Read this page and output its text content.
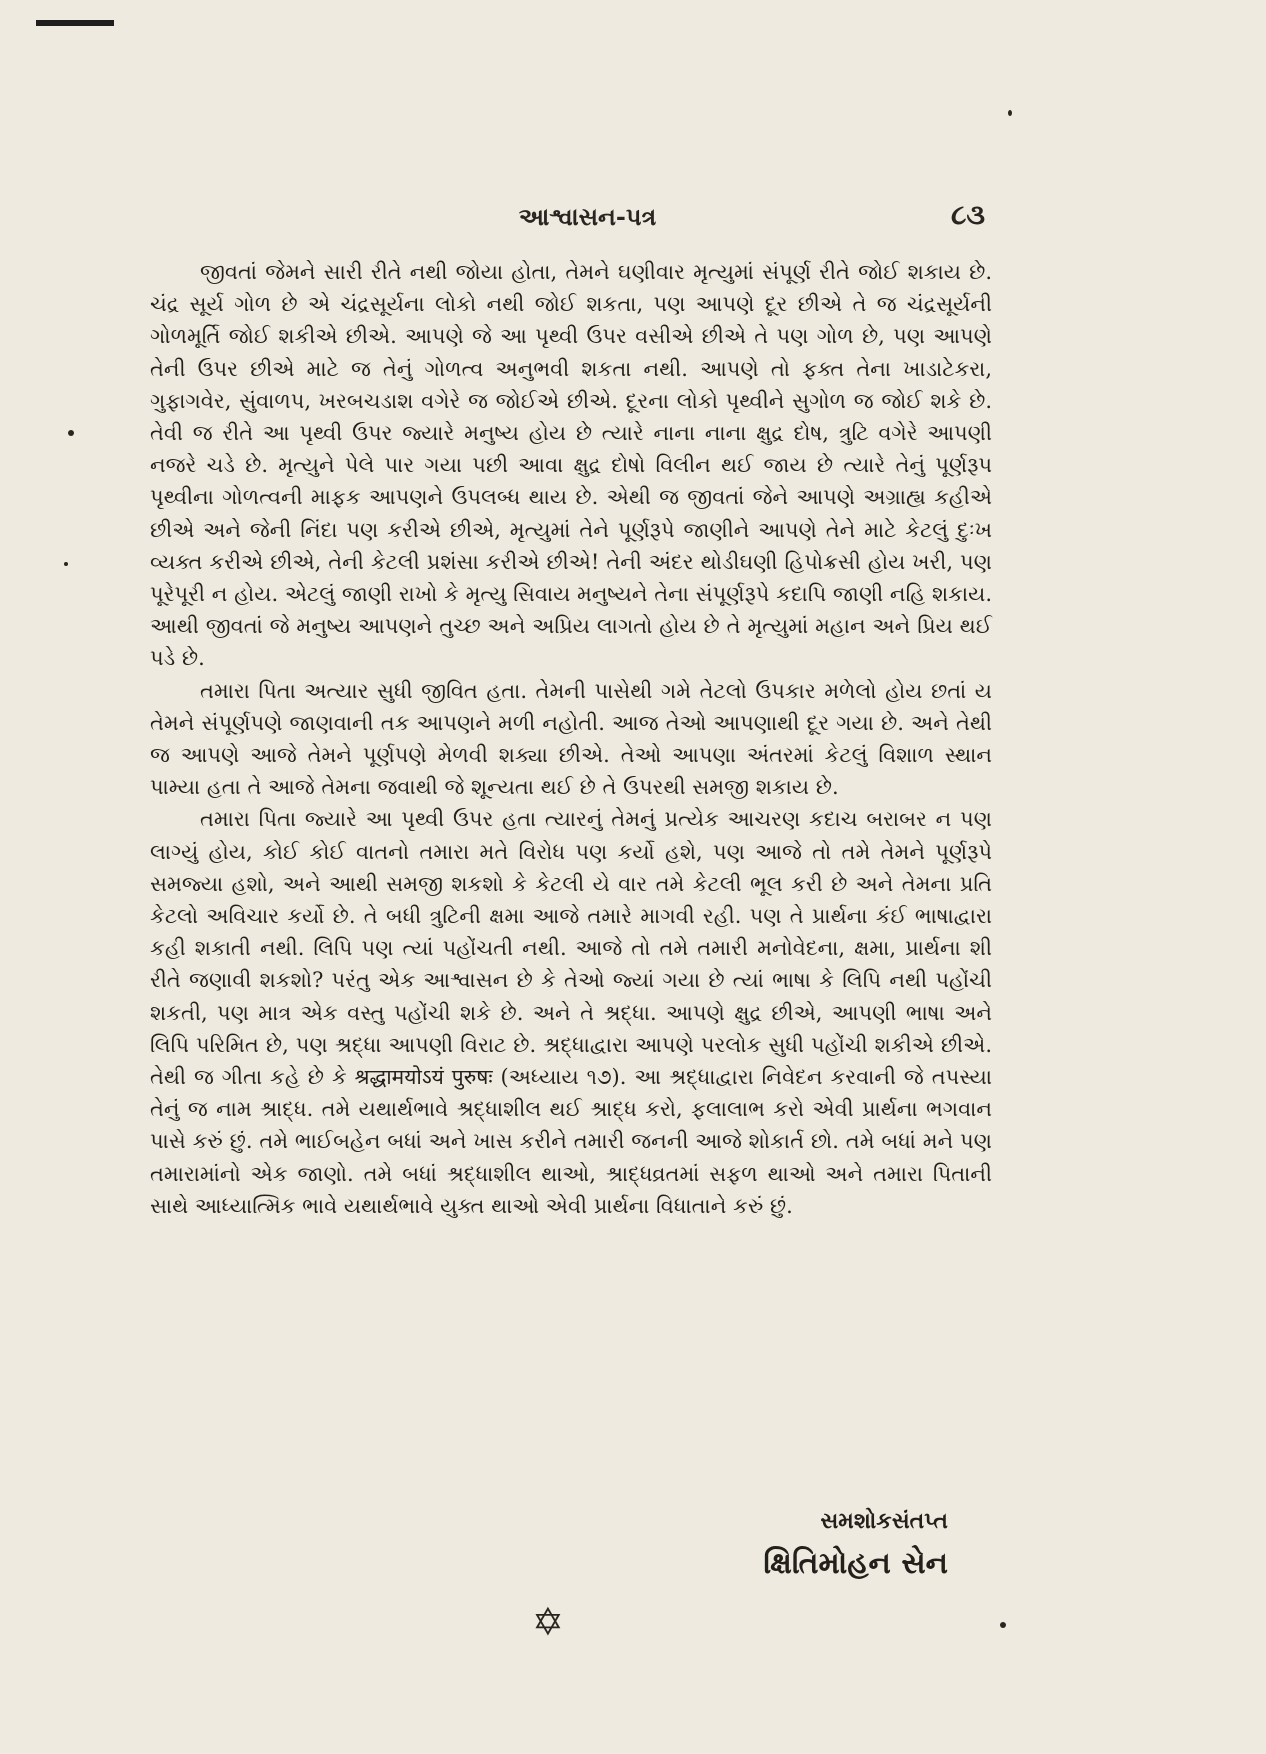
આશ્વાસન-પત્ર	૮૩

જીવતાં જેમને સારી રીતે નથી જોયા હોતા, તેમને ઘણીવાર મૃત્યુમાં સંપૂર્ણ રીતે જોઈ શકાય છે. ચંદ્ર સૂર્ય ગોળ છે એ ચંદ્રસૂર્યના લોકો નથી જોઈ શકતા, પણ આપણે દૂર છીએ તે જ ચંદ્રસૂર્યની ગોળમૂર્તિ જોઈ શકીએ છીએ. આપણે જે આ પૃથ્વી ઉપર વસીએ છીએ તે પણ ગોળ છે, પણ આપણે તેની ઉપર છીએ માટે જ તેનું ગોળત્વ અનુભવી શકતા નથી. આપણે તો ફક્ત તેના ખાડાટેકરા, ગુફાગવેર, સુંવાળપ, ખરબચડાશ વગેરે જ જોઈએ છીએ. દૂરના લોકો પૃથ્વીને સુગોળ જ જોઈ શકે છે. તેવી જ રીતે આ પૃથ્વી ઉપર જ્યારે મનુષ્ય હોય છે ત્યારે નાના નાના ક્ષુદ્ર દોષ, ત્રુટિ વગેરે આપણી નજરે ચડે છે. મૃત્યુને પેલે પાર ગયા પછી આવા ક્ષુદ્ર દોષો વિલીન થઈ જાય છે ત્યારે તેનું પૂર્ણરૂપ પૃથ્વીના ગોળત્વની માફક આપણને ઉપલબ્ધ થાય છે. એથી જ જીવતાં જેને આપણે અગ્રાહ્ય કહીએ છીએ અને જેની નિંદા પણ કરીએ છીએ, મૃત્યુમાં તેને પૂર્ણરૂપે જાણીને આપણે તેને માટે કેટલું દુઃખ વ્યક્ત કરીએ છીએ, તેની કેટલી પ્રશંસા કરીએ છીએ! તેની અંદર થોડીઘણી હિપોક્રસી હોય ખરી, પણ પૂરેપૂરી ન હોય. એટલું જાણી રાખો કે મૃત્યુ સિવાય મનુષ્યને તેના સંપૂર્ણરૂપે કદાપિ જાણી નહિ શકાય. આથી જીવતાં જે મનુષ્ય આપણને તુચ્છ અને અપ્રિય લાગતો હોય છે તે મૃત્યુમાં મહાન અને પ્રિય થઈ પડે છે.

તમારા પિતા અત્યાર સુધી જીવિત હતા. તેમની પાસેથી ગમે તેટલો ઉપકાર મળેલો હોય છતાં ય તેમને સંપૂર્ણપણે જાણવાની તક આપણને મળી નહોતી. આજ તેઓ આપણાથી દૂર ગયા છે. અને તેથી જ આપણે આજે તેમને પૂર્ણપણે મેળવી શક્યા છીએ. તેઓ આપણા અંતરમાં કેટલું વિશાળ સ્થાન પામ્યા હતા તે આજે તેમના જવાથી જે શૂન્યતા થઈ છે તે ઉપરથી સમજી શકાય છે.

તમારા પિતા જ્યારે આ પૃથ્વી ઉપર હતા ત્યારનું તેમનું પ્રત્યેક આચરણ કદાચ બરાબર ન પણ લાગ્યું હોય, કોઈ કોઈ વાતનો તમારા મતે વિરોધ પણ કર્યો હશે, પણ આજે તો તમે તેમને પૂર્ણરૂપે સમજ્યા હશો, અને આથી સમજી શકશો કે કેટલી યે વાર તમે કેટલી ભૂલ કરી છે અને તેમના પ્રતિ કેટલો અવિચાર કર્યો છે. તે બધી ત્રુટિની ક્ષમા આજે તમારે માગવી રહી. પણ તે પ્રાર્થના કંઈ ભાષાદ્વારા કહી શકાતી નથી. લિપિ પણ ત્યાં પહોંચતી નથી. આજે તો તમે તમારી મનોવેદના, ક્ષમા, પ્રાર્થના શી રીતે જણાવી શકશો? પરંતુ એક આશ્વાસન છે કે તેઓ જ્યાં ગયા છે ત્યાં ભાષા કે લિપિ નથી પહોંચી શકતી, પણ માત્ર એક વસ્તુ પહોંચી શકે છે. અને તે શ્રદ્ધા. આપણે ક્ષુદ્ર છીએ, આપણી ભાષા અને લિપિ પરિમિત છે, પણ શ્રદ્ધા આપણી વિરાટ છે. શ્રદ્ધાદ્વારા આપણે પરલોક સુધી પહોંચી શકીએ છીએ. તેથી જ ગીતા કહે છે કે श्रद्धामयोऽयं पुरुषः (અધ્યાય ૧૭). આ શ્રદ્ધાદ્વારા નિવેદન કરવાની જે તપસ્યા તેનું જ નામ શ્રાદ્ધ. તમે યથાર્થભાવે શ્રદ્ધાશીલ થઈ શ્રાદ્ધ કરો, ફલાલાભ કરો એવી પ્રાર્થના ભગવાન પાસે કરું છું. તમે ભાઈબહેન બધાં અને ખાસ કરીને તમારી જનની આજે શોકાર્ત છો. તમે બધાં મને પણ તમારામાંનો એક જાણો. તમે બધાં શ્રદ્ધાશીલ થાઓ, શ્રાદ્ધવ્રતમાં સફળ થાઓ અને તમારા પિતાની સાથે આધ્યાત્મિક ભાવે યથાર્થભાવે યુક્ત થાઓ એવી પ્રાર્થના વિધાતાને કરું છું.

સમશોકસંતપ્ત
ક્ષિતિમોહન સેન
✡
